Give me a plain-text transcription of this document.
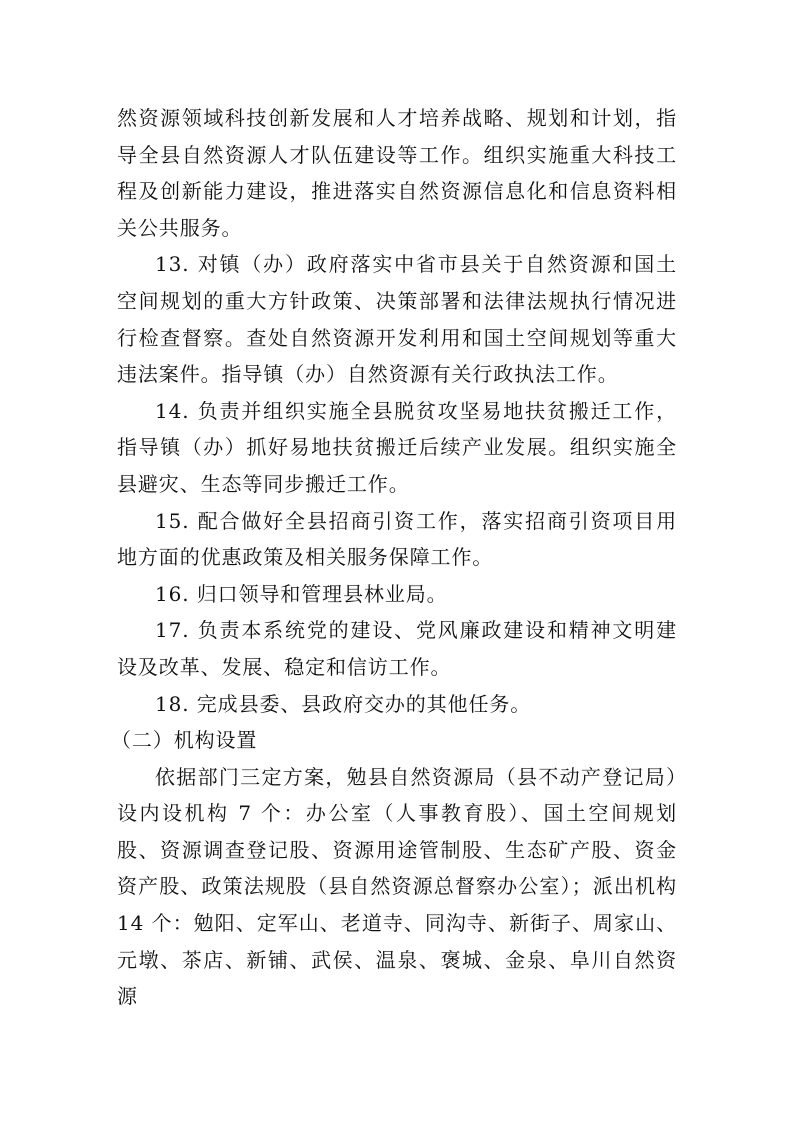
然资源领域科技创新发展和人才培养战略、规划和计划，指导全县自然资源人才队伍建设等工作。组织实施重大科技工程及创新能力建设，推进落实自然资源信息化和信息资料相关公共服务。

13. 对镇（办）政府落实中省市县关于自然资源和国土空间规划的重大方针政策、决策部署和法律法规执行情况进行检查督察。查处自然资源开发利用和国土空间规划等重大违法案件。指导镇（办）自然资源有关行政执法工作。

14. 负责并组织实施全县脱贫攻坚易地扶贫搬迁工作，指导镇（办）抓好易地扶贫搬迁后续产业发展。组织实施全县避灾、生态等同步搬迁工作。

15. 配合做好全县招商引资工作，落实招商引资项目用地方面的优惠政策及相关服务保障工作。

16. 归口领导和管理县林业局。

17. 负责本系统党的建设、党风廉政建设和精神文明建设及改革、发展、稳定和信访工作。

18. 完成县委、县政府交办的其他任务。

（二）机构设置

依据部门三定方案，勉县自然资源局（县不动产登记局）设内设机构 7 个：办公室（人事教育股）、国土空间规划股、资源调查登记股、资源用途管制股、生态矿产股、资金资产股、政策法规股（县自然资源总督察办公室）；派出机构 14 个：勉阳、定军山、老道寺、同沟寺、新街子、周家山、元墩、茶店、新铺、武侯、温泉、褒城、金泉、阜川自然资源
